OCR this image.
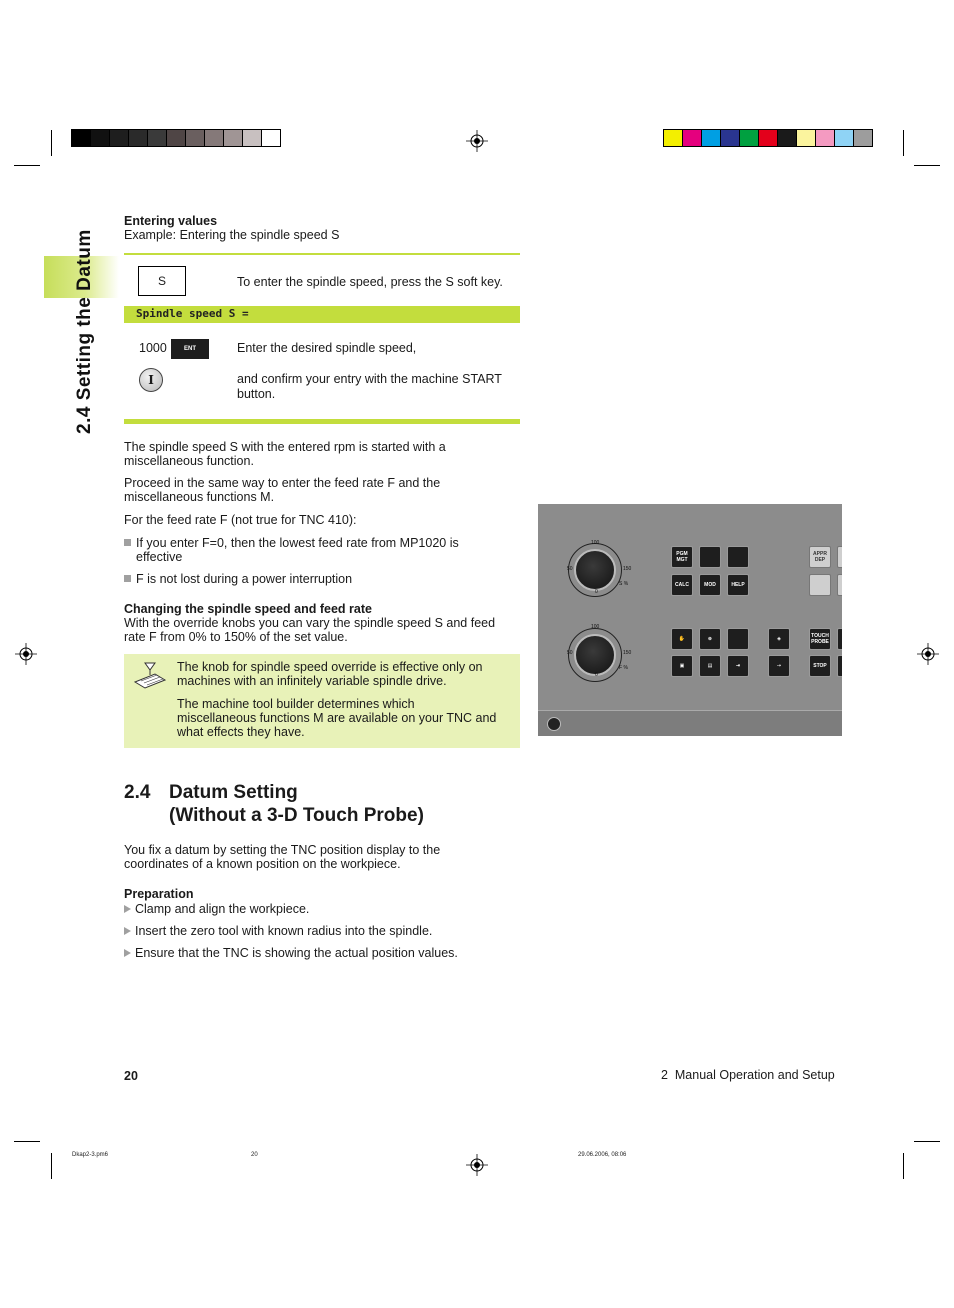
2.4 Setting the Datum
Entering values
Example: Entering the spindle speed S
S	To enter the spindle speed, press the S soft key.
Spindle speed S =
1000	ENT	Enter the desired spindle speed,
I	and confirm your entry with the machine START
button.
The spindle speed S with the entered rpm is started with a
miscellaneous function.
Proceed in the same way to enter the feed rate F and the
miscellaneous functions M.
For the feed rate F (not true for TNC 410):
If you enter F=0, then the lowest feed rate from MP1020 is
effective
F is not lost during a power interruption
Changing the spindle speed and feed rate
With the override knobs you can vary the spindle speed S and feed
rate F from 0% to 150% of the set value.
The knob for spindle speed override is effective only on
machines with an infinitely variable spindle drive.
The machine tool builder determines which
miscellaneous functions M are available on your TNC and
what effects they have.
100
50	150
0
S %
100
50	150
0
F %
PGM MGT
CALC	MOD	HELP
APPR DEP
✋	⊛	◈	TOUCH PROBE
▣	▤	⇥	⇢	STOP
2.4 Datum Setting
(Without a 3-D Touch Probe)
You fix a datum by setting the TNC position display to the
coordinates of a known position on the workpiece.
Preparation
Clamp and align the workpiece.
Insert the zero tool with known radius into the spindle.
Ensure that the TNC is showing the actual position values.
20	2  Manual Operation and Setup
Dkap2-3.pm6	20	29.06.2006, 08:06
